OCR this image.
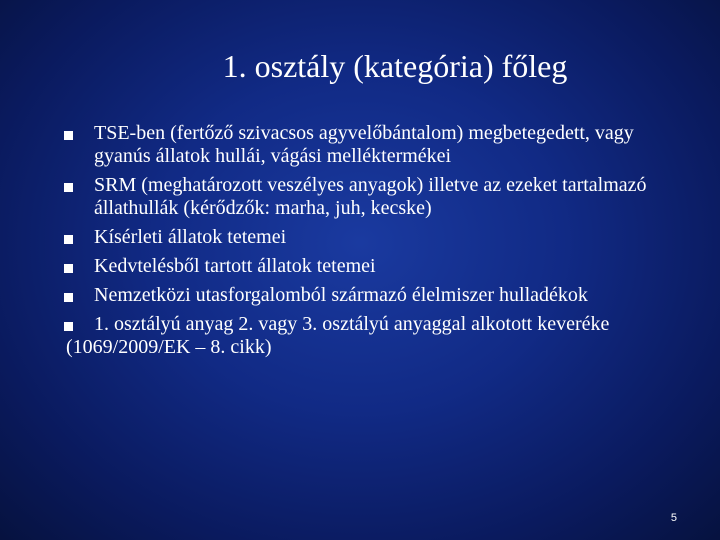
1. osztály (kategória) főleg
TSE-ben (fertőző szivacsos agyvelőbántalom) megbetegedett, vagy gyanús állatok hullái, vágási melléktermékei
SRM (meghatározott veszélyes anyagok) illetve az ezeket tartalmazó állathullák (kérődzők: marha, juh, kecske)
Kísérleti állatok tetemei
Kedvtelésből tartott állatok tetemei
Nemzetközi utasforgalomból származó élelmiszer hulladékok
1. osztályú anyag 2. vagy 3. osztályú anyaggal alkotott keveréke
(1069/2009/EK – 8. cikk)
5
